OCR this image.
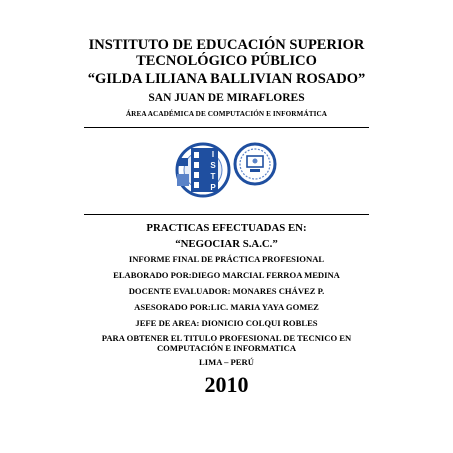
INSTITUTO DE EDUCACIÓN SUPERIOR
TECNOLÓGICO PÚBLICO
“GILDA LILIANA BALLIVIAN ROSADO”
SAN JUAN DE MIRAFLORES
ÁREA ACADÉMICA DE COMPUTACIÓN E INFORMÁTICA
I
S
T
P
PRACTICAS EFECTUADAS EN:
“NEGOCIAR S.A.C.”
INFORME FINAL DE PRÁCTICA PROFESIONAL
ELABORADO POR:DIEGO MARCIAL FERROA MEDINA
DOCENTE EVALUADOR: MONARES CHÁVEZ P.
ASESORADO POR:LIC. MARIA YAYA GOMEZ
JEFE DE AREA: DIONICIO COLQUI ROBLES
PARA OBTENER EL TITULO PROFESIONAL DE TECNICO EN
COMPUTACIÓN E INFORMATICA
LIMA – PERÚ
2010
